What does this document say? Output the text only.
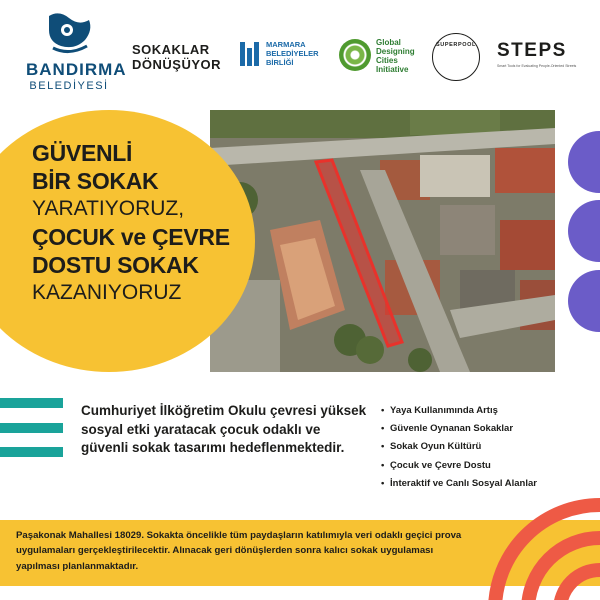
BANDIRMA
BELEDİYESİ
SOKAKLAR
DÖNÜŞÜYOR
MARMARA
BELEDİYELER
BİRLİĞİ
Global
Designing
Cities
Initiative
SUPERPOOL STEPS
Smart Tools for Evaluating People-Oriented Streets
GÜVENLİ
BİR SOKAK
YARATIYORUZ,
ÇOCUK ve ÇEVRE
DOSTU SOKAK
KAZANIYORUZ
Cumhuriyet İlköğretim Okulu çevresi yüksek sosyal etki yaratacak çocuk odaklı ve güvenli sokak tasarımı hedeflenmektedir.
• Yaya Kullanımında Artış
• Güvenle Oynanan Sokaklar
• Sokak Oyun Kültürü
• Çocuk ve Çevre Dostu
• İnteraktif ve Canlı Sosyal Alanlar
Paşakonak Mahallesi 18029. Sokakta öncelikle tüm paydaşların katılımıyla veri odaklı geçici prova uygulamaları gerçekleştirilecektir. Alınacak geri dönüşlerden sonra kalıcı sokak uygulaması yapılması planlanmaktadır.
